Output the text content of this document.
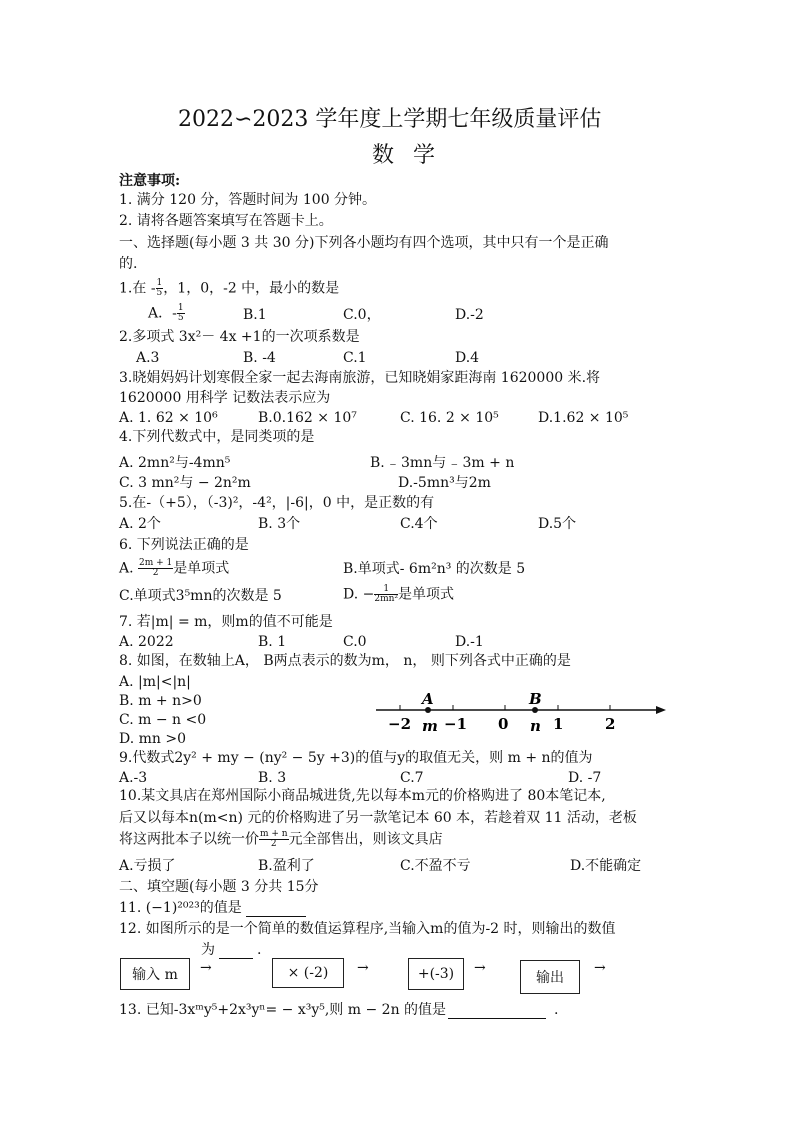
2022∽2023 学年度上学期七年级质量评估
数 学
注意事项:
1. 满分 120 分，答题时间为 100 分钟。
2. 请将各题答案填写在答题卡上。
一、选择题(每小题 3 共 30 分)下列各小题均有四个选项，其中只有一个是正确
的.
1.在 - $\frac{1}{5}$ ，1，0，-2 中，最小的数是
A．- $\frac{1}{5}$	B.1	C.0，	D.-2
2.多项式 3x²－ 4x +1的一次项系数是
A.3	B. -4	C.1	D.4
3.晓娟妈妈计划寒假全家一起去海南旅游，已知晓娟家距海南 1620000 米.将
1620000 用科学 记数法表示应为
A. 1. 62 × 10⁶	B.0.162 × 10⁷	C. 16. 2 × 10⁵	D.1.62 × 10⁵
4.下列代数式中，是同类项的是
A. 2mn²与-4mn⁵	B. ₋ 3mn与 ₋ 3m + n
C. 3 mn²与 − 2n²m	D.-5mn³与2m
5.在-（+5），（-3)²，-4²，|-6|，0 中，是正数的有
A. 2个	B. 3个	C.4个	D.5个
6. 下列说法正确的是
A. $\frac{2m + 1}{2}$ 是单项式	B.单项式- 6m²n³ 的次数是 5
C.单项式3⁵mn的次数是 5	D. − $\frac{1}{\text{2mn²}}$ 是单项式
7. 若|m| = m，则m的值不可能是
A. 2022	B. 1	C.0	D.-1
8. 如图，在数轴上A， B两点表示的数为m， n， 则下列各式中正确的是
A. |m|<|n|
B. m + n>0
C. m − n <0
D. mn >0
A	B
−2 m −1 0 n 1	2
9.代数式2y² + my − (ny² − 5y +3)的值与y的取值无关，则 m + n的值为
A.-3	B. 3	C.7	D. -7
10.某文具店在郑州国际小商品城进货,先以每本m元的价格购进了 80本笔记本,
后又以每本n(m<n) 元的价格购进了另一款笔记本 60 本，若趁着双 11 活动，老板
将这两批本子以统一价 $\frac{m + n}{2}$ 元全部售出，则该文具店
A.亏损了	B.盈利了	C.不盈不亏	D.不能确定
二、填空题(每小题 3 分共 15分
11. (−1)²⁰²³的值是
12. 如图所示的是一个简单的数值运算程序,当输入m的值为-2 时，则输出的数值
为	.
输入 m	→	× (-2)	→	+(-3)	→
输出
→
13. 已知-3xᵐy⁵+2x³yⁿ= − x³y⁵,则 m − 2n 的值是	.
